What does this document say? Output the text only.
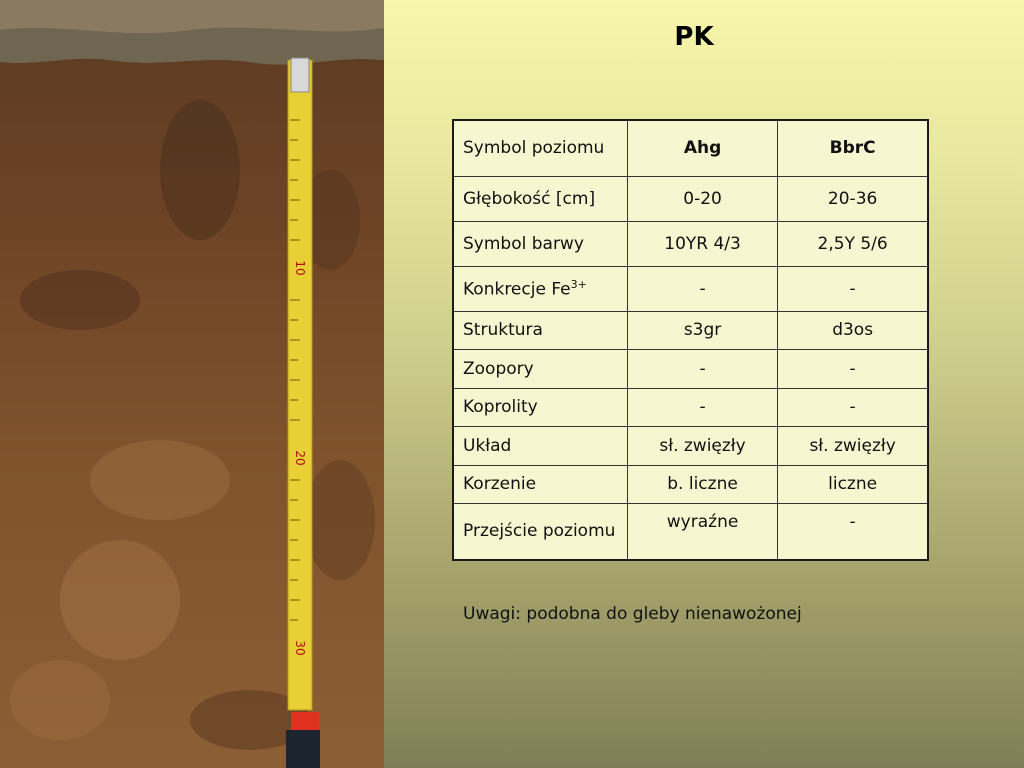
10
20
30
PK
Symbol poziomu	Ahg	BbrC
Głębokość [cm]	0-20	20-36
Symbol barwy	10YR 4/3	2,5Y 5/6
Konkrecje $Fe^{3+}$	-	-
Struktura	s3gr	d3os
Zoopory	-	-
Koprolity	-	-
Układ	sł. zwięzły	sł. zwięzły
Korzenie	b. liczne	liczne
Przejście poziomu	wyraźne	-
Uwagi: podobna do gleby nienawożonej
